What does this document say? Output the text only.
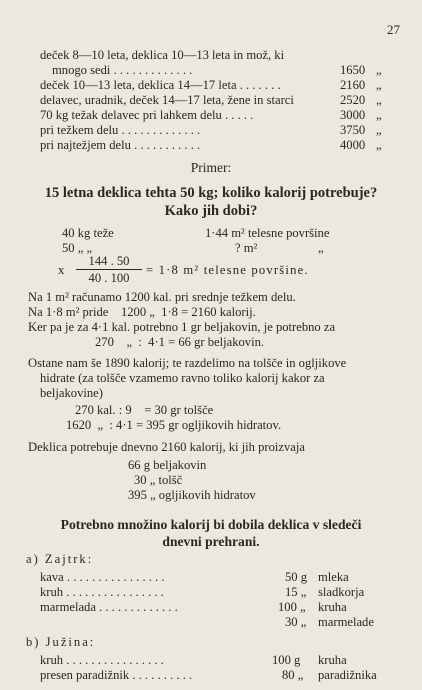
27
deček 8—10 leta, deklica 10—13 leta in mož, ki
mnogo sedi . . . . . . . . . . . . .	1650 „
deček 10—13 leta, deklica 14—17 leta . . . . . . .	2160 „
delavec, uradnik, deček 14—17 leta, žene in starci	2520 „
70 kg težak delavec pri lahkem delu . . . . .	3000 „
pri težkem delu . . . . . . . . . . . . .	3750 „
pri najtežjem delu . . . . . . . . . . .	4000 „
Primer:
15 letna deklica tehta 50 kg; koliko kalorij potrebuje?
Kako jih dobi?
40 kg teže	1·44 m² telesne površine
50 „ „	? m²	„
x
144 . 50
40 . 100
= 1·8 m² telesne površine.
Na 1 m² računamo 1200 kal. pri srednje težkem delu.
Na 1·8 m² pride    1200 „  1·8 = 2160 kalorij.
Ker pa je za 4·1 kal. potrebno 1 gr beljakovin, je potrebno za
270    „  :  4·1 = 66 gr beljakovin.
Ostane nam še 1890 kalorij; te razdelimo na tolšče in ogljikove
hidrate (za tolšče vzamemo ravno toliko kalorij kakor za
beljakovine)
270 kal. : 9    = 30 gr tolšče
1620  „  : 4·1 = 395 gr ogljikovih hidratov.
Deklica potrebuje dnevno 2160 kalorij, ki jih proizvaja
66 g beljakovin
30 „ tolšč
395 „ ogljikovih hidratov
Potrebno množino kalorij bi dobila deklica v sledeči
dnevni prehrani.
a) Zajtrk:
kava . . . . . . . . . . . . . . . .	50 g mleka
kruh . . . . . . . . . . . . . . . .	15 „ sladkorja
marmelada . . . . . . . . . . . . .	100 „ kruha
30 „ marmelade
b) Južina:
kruh . . . . . . . . . . . . . . . .	100 g kruha
presen paradižnik . . . . . . . . . .	80 „ paradižnika
